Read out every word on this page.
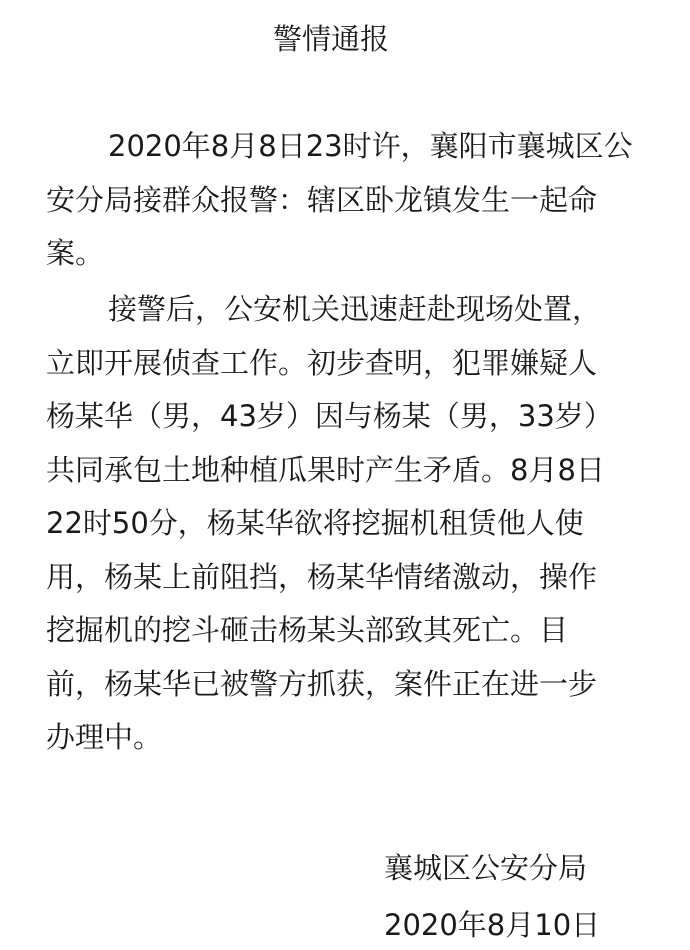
警情通报
2020年8月8日23时许，襄阳市襄城区公
安分局接群众报警：辖区卧龙镇发生一起命
案。
接警后，公安机关迅速赶赴现场处置，
立即开展侦查工作。初步查明，犯罪嫌疑人
杨某华（男，43岁）因与杨某（男，33岁）
共同承包土地种植瓜果时产生矛盾。8月8日
22时50分，杨某华欲将挖掘机租赁他人使
用，杨某上前阻挡，杨某华情绪激动，操作
挖掘机的挖斗砸击杨某头部致其死亡。目
前，杨某华已被警方抓获，案件正在进一步
办理中。
襄城区公安分局
2020年8月10日
